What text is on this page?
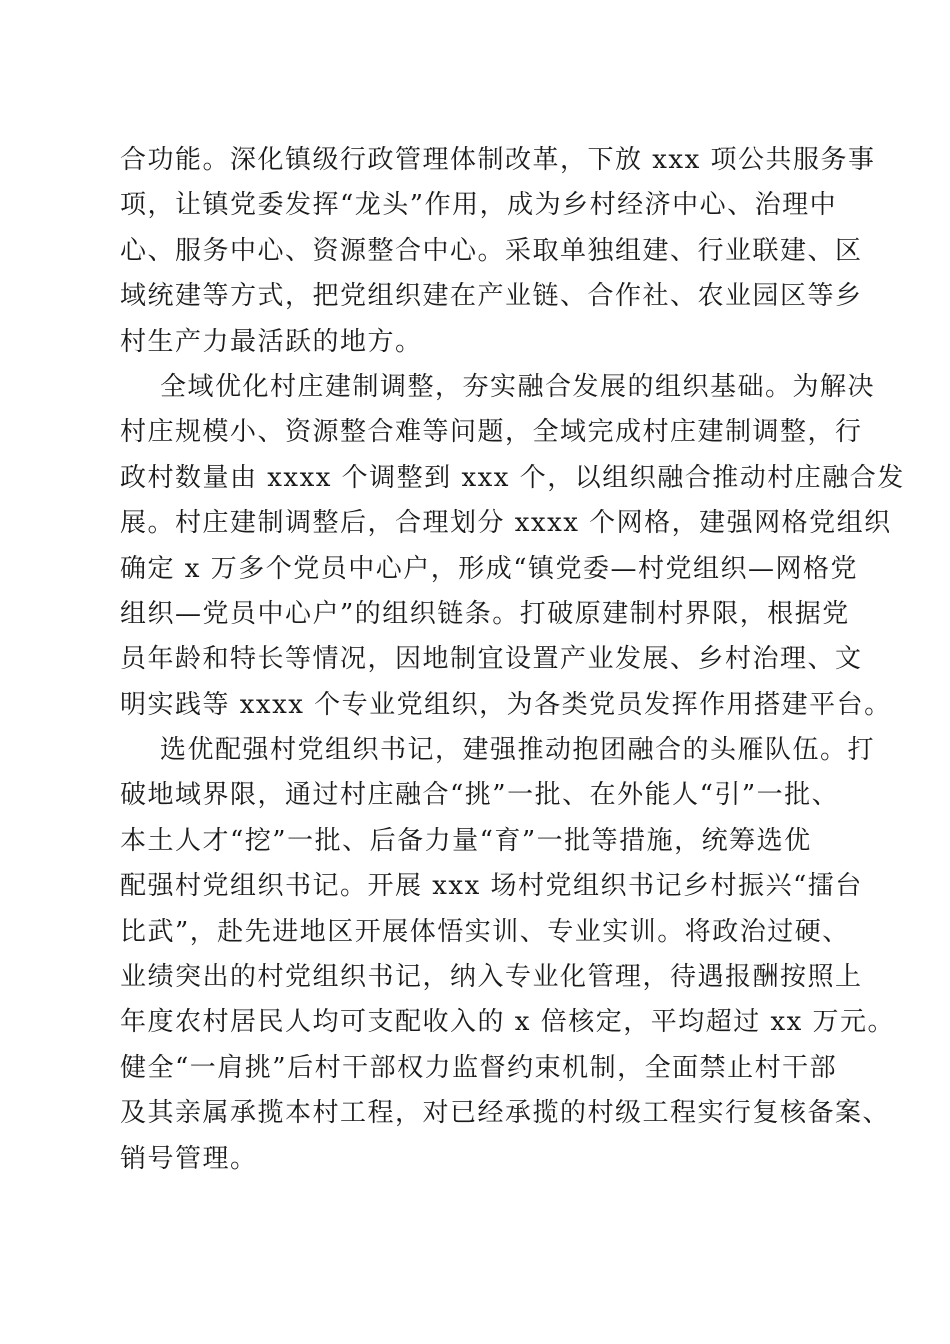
合功能。深化镇级行政管理体制改革，下放 xxx 项公共服务事
项，让镇党委发挥“龙头”作用，成为乡村经济中心、治理中
心、服务中心、资源整合中心。采取单独组建、行业联建、区
域统建等方式，把党组织建在产业链、合作社、农业园区等乡
村生产力最活跃的地方。
全域优化村庄建制调整，夯实融合发展的组织基础。为解决
村庄规模小、资源整合难等问题，全域完成村庄建制调整，行
政村数量由 xxxx 个调整到 xxx 个，以组织融合推动村庄融合发
展。村庄建制调整后，合理划分 xxxx 个网格，建强网格党组织
确定 x 万多个党员中心户，形成“镇党委—村党组织—网格党
组织—党员中心户”的组织链条。打破原建制村界限，根据党
员年龄和特长等情况，因地制宜设置产业发展、乡村治理、文
明实践等 xxxx 个专业党组织，为各类党员发挥作用搭建平台。
选优配强村党组织书记，建强推动抱团融合的头雁队伍。打
破地域界限，通过村庄融合“挑”一批、在外能人“引”一批、
本土人才“挖”一批、后备力量“育”一批等措施，统筹选优
配强村党组织书记。开展 xxx 场村党组织书记乡村振兴“擂台
比武”，赴先进地区开展体悟实训、专业实训。将政治过硬、
业绩突出的村党组织书记，纳入专业化管理，待遇报酬按照上
年度农村居民人均可支配收入的 x 倍核定，平均超过 xx 万元。
健全“一肩挑”后村干部权力监督约束机制，全面禁止村干部
及其亲属承揽本村工程，对已经承揽的村级工程实行复核备案、
销号管理。
